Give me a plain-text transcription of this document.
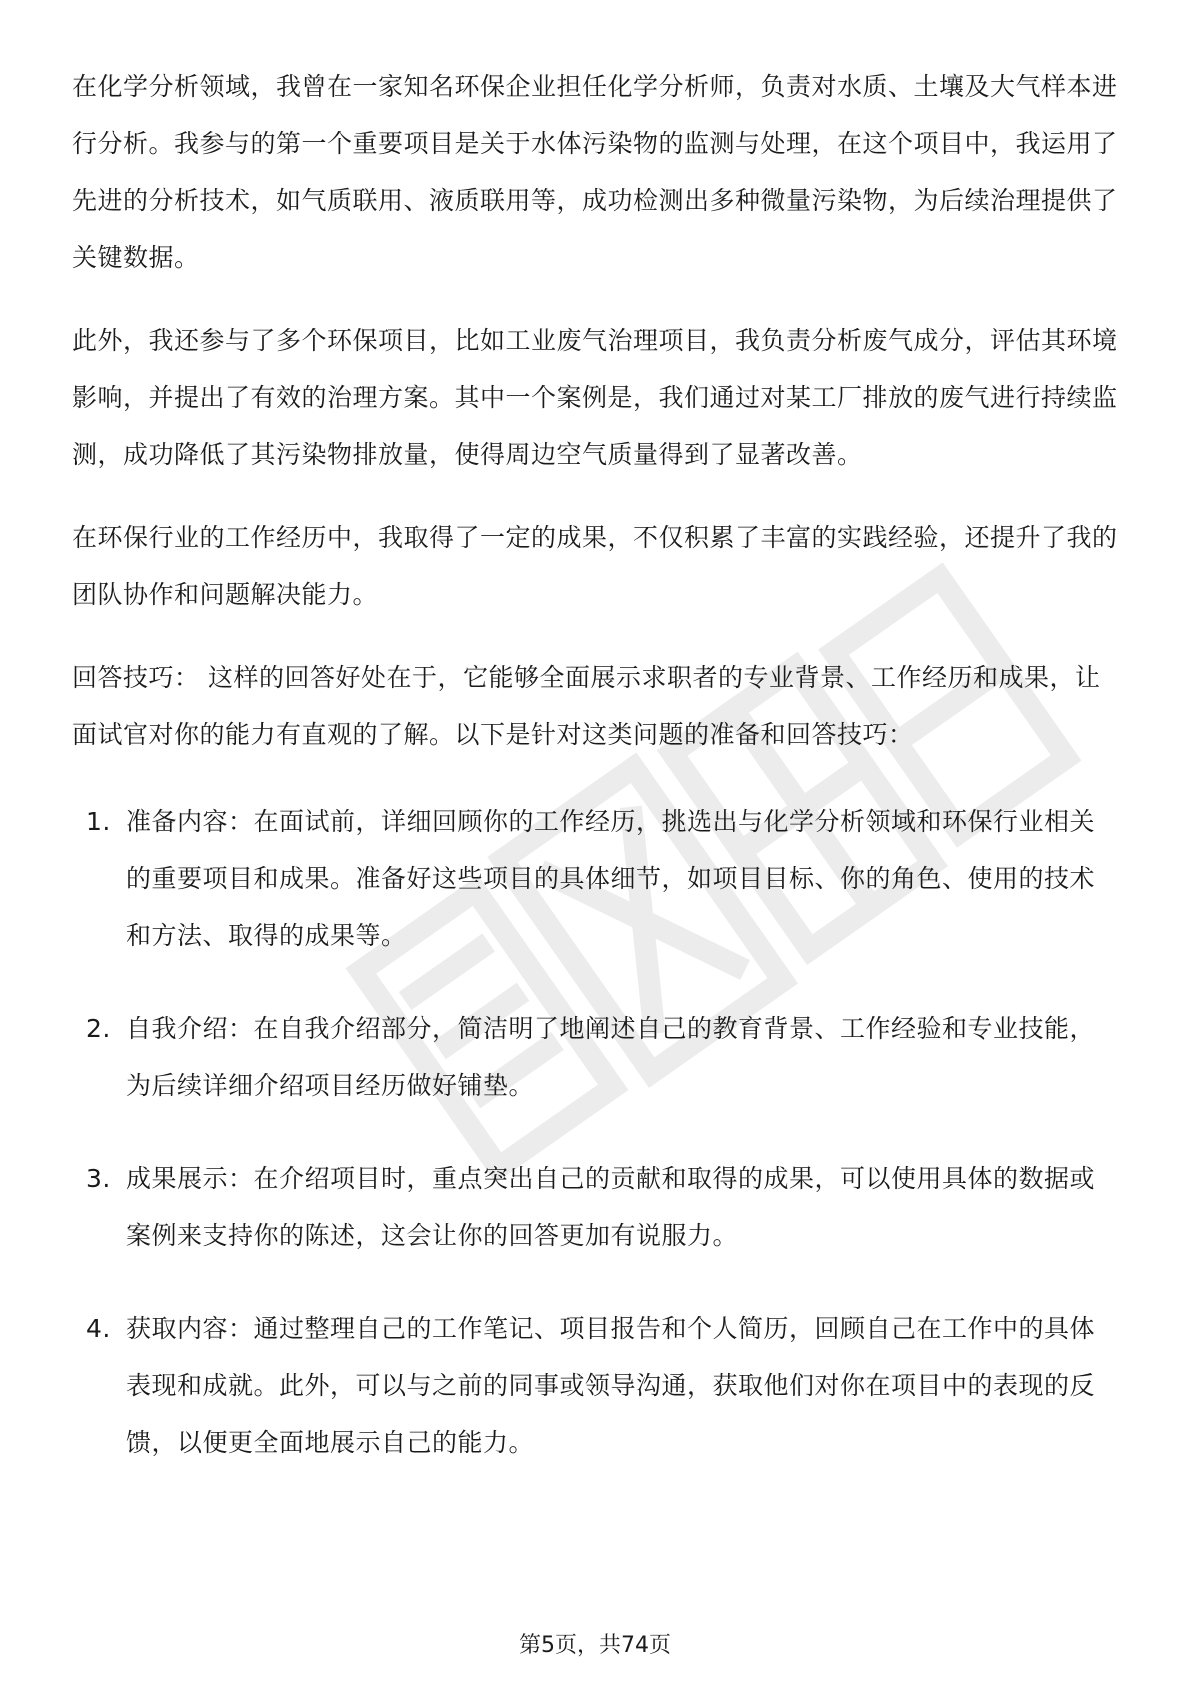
在化学分析领域，我曾在一家知名环保企业担任化学分析师，负责对水质、土壤及大气样本进行分析。我参与的第一个重要项目是关于水体污染物的监测与处理，在这个项目中，我运用了先进的分析技术，如气质联用、液质联用等，成功检测出多种微量污染物，为后续治理提供了关键数据。

此外，我还参与了多个环保项目，比如工业废气治理项目，我负责分析废气成分，评估其环境影响，并提出了有效的治理方案。其中一个案例是，我们通过对某工厂排放的废气进行持续监测，成功降低了其污染物排放量，使得周边空气质量得到了显著改善。

在环保行业的工作经历中，我取得了一定的成果，不仅积累了丰富的实践经验，还提升了我的团队协作和问题解决能力。

回答技巧： 这样的回答好处在于，它能够全面展示求职者的专业背景、工作经历和成果，让面试官对你的能力有直观的了解。以下是针对这类问题的准备和回答技巧：

1. 准备内容：在面试前，详细回顾你的工作经历，挑选出与化学分析领域和环保行业相关的重要项目和成果。准备好这些项目的具体细节，如项目目标、你的角色、使用的技术和方法、取得的成果等。
2. 自我介绍：在自我介绍部分，简洁明了地阐述自己的教育背景、工作经验和专业技能，为后续详细介绍项目经历做好铺垫。
3. 成果展示：在介绍项目时，重点突出自己的贡献和取得的成果，可以使用具体的数据或案例来支持你的陈述，这会让你的回答更加有说服力。
4. 获取内容：通过整理自己的工作笔记、项目报告和个人简历，回顾自己在工作中的具体表现和成就。此外，可以与之前的同事或领导沟通，获取他们对你在项目中的表现的反馈，以便更全面地展示自己的能力。
第5页，共74页
